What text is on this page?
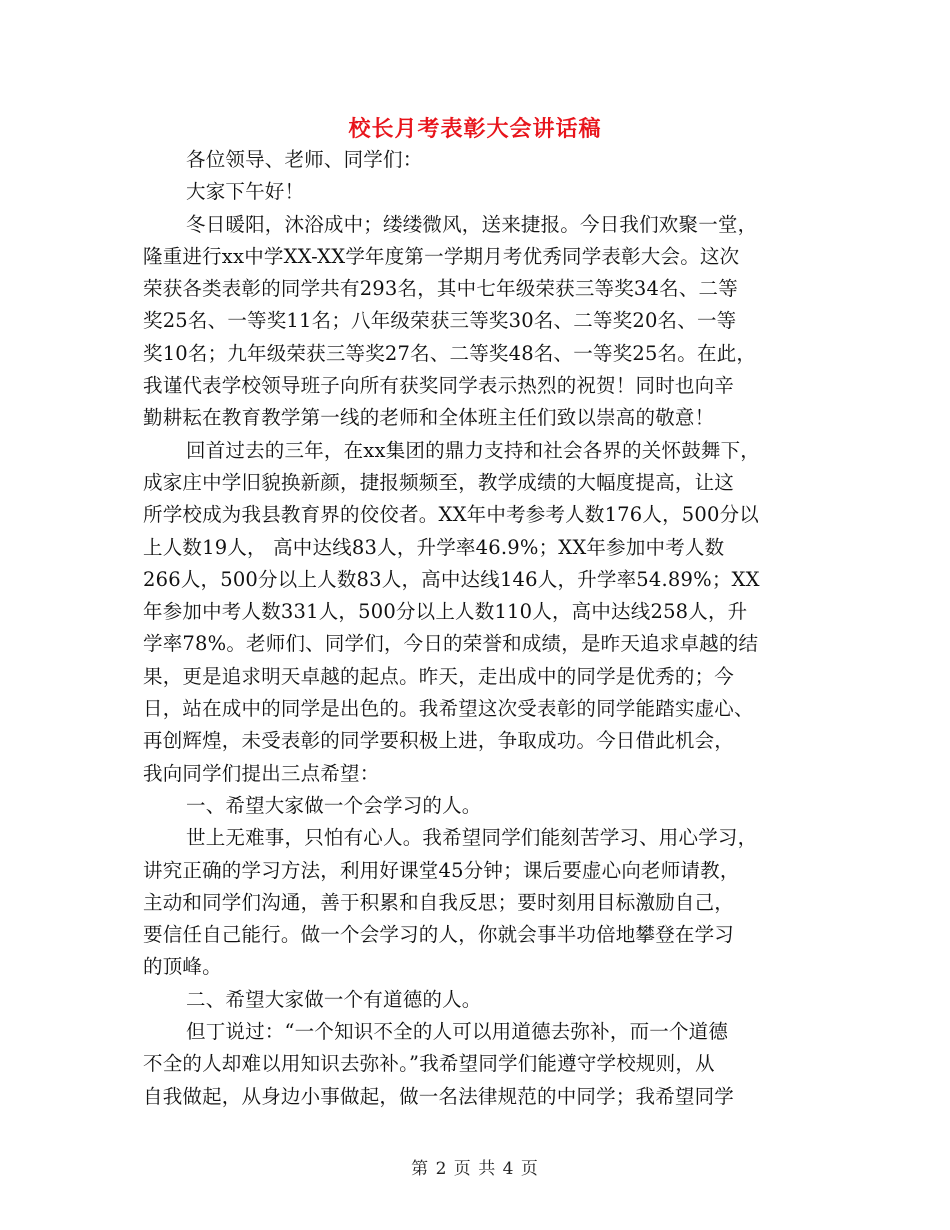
校长月考表彰大会讲话稿
各位领导、老师、同学们：
大家下午好！
冬日暖阳，沐浴成中；缕缕微风，送来捷报。今日我们欢聚一堂，
隆重进行xx中学XX-XX学年度第一学期月考优秀同学表彰大会。这次
荣获各类表彰的同学共有293名，其中七年级荣获三等奖34名、二等
奖25名、一等奖11名；八年级荣获三等奖30名、二等奖20名、一等
奖10名；九年级荣获三等奖27名、二等奖48名、一等奖25名。在此，
我谨代表学校领导班子向所有获奖同学表示热烈的祝贺！同时也向辛
勤耕耘在教育教学第一线的老师和全体班主任们致以崇高的敬意！
回首过去的三年，在xx集团的鼎力支持和社会各界的关怀鼓舞下，
成家庄中学旧貌换新颜，捷报频频至，教学成绩的大幅度提高，让这
所学校成为我县教育界的佼佼者。XX年中考参考人数176人，500分以
上人数19人， 高中达线83人，升学率46.9%；XX年参加中考人数
266人，500分以上人数83人，高中达线146人，升学率54.89%；XX
年参加中考人数331人，500分以上人数110人，高中达线258人，升
学率78%。老师们、同学们，今日的荣誉和成绩，是昨天追求卓越的结
果，更是追求明天卓越的起点。昨天，走出成中的同学是优秀的；今
日，站在成中的同学是出色的。我希望这次受表彰的同学能踏实虚心、
再创辉煌，未受表彰的同学要积极上进，争取成功。今日借此机会，
我向同学们提出三点希望：
一、希望大家做一个会学习的人。
世上无难事，只怕有心人。我希望同学们能刻苦学习、用心学习，
讲究正确的学习方法，利用好课堂45分钟；课后要虚心向老师请教，
主动和同学们沟通，善于积累和自我反思；要时刻用目标激励自己，
要信任自己能行。做一个会学习的人，你就会事半功倍地攀登在学习
的顶峰。
二、希望大家做一个有道德的人。
但丁说过：“一个知识不全的人可以用道德去弥补，而一个道德
不全的人却难以用知识去弥补。”我希望同学们能遵守学校规则，从
自我做起，从身边小事做起，做一名法律规范的中同学；我希望同学
第 2 页 共 4 页
